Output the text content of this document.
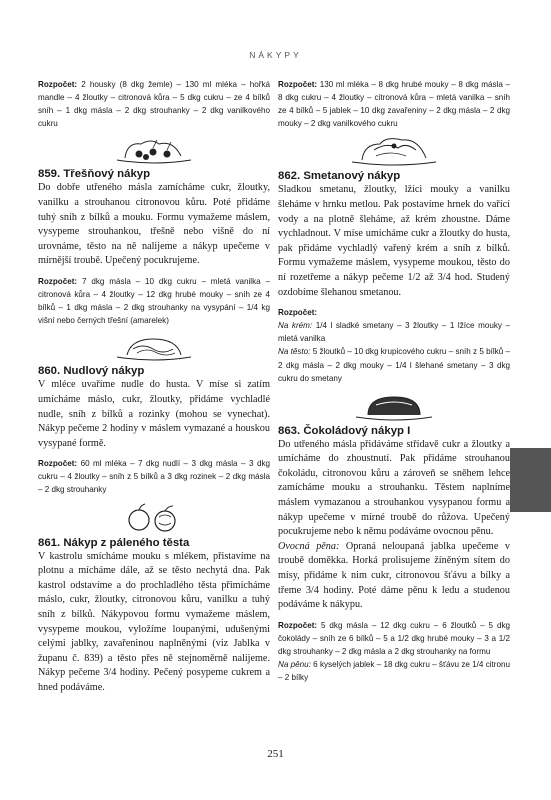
NÁKYPY

Rozpočet: 2 housky (8 dkg žemle) – 130 ml mléka – hořká mandle – 4 žloutky – citronová kůra – 5 dkg cukru – ze 4 bílků sníh – 1 dkg másla – 2 dkg strouhanky – 2 dkg vanilkového cukru

859. Třešňový nákyp

Do dobře utřeného másla zamícháme cukr, žloutky, vanilku a strouhanou citronovou kůru. Poté přidáme tuhý sníh z bílků a mouku. Formu vymažeme máslem, vysypeme strouhankou, třešně nebo višně do ní urovnáme, těsto na ně nalijeme a nákyp upečeme v mírnější troubě. Upečený pocukrujeme.

Rozpočet: 7 dkg másla – 10 dkg cukru – mletá vanilka – citronová kůra – 4 žloutky – 12 dkg hrubé mouky – sníh ze 4 bílků – 1 dkg másla – 2 dkg strouhanky na vysypání – 1/4 kg višní nebo černých třešní (amarelek)

860. Nudlový nákyp

V mléce uvaříme nudle do husta. V míse si zatím umícháme máslo, cukr, žloutky, přidáme vychladlé nudle, sníh z bílků a rozinky (mohou se vynechat). Nákyp pečeme 2 hodiny v máslem vymazané a houskou vysypané formě.

Rozpočet: 60 ml mléka – 7 dkg nudlí – 3 dkg másla – 3 dkg cukru – 4 žloutky – sníh z 5 bílků a 3 dkg rozinek – 2 dkg másla – 2 dkg strouhanky

861. Nákyp z páleného těsta

V kastrolu smícháme mouku s mlékem, přistavíme na plotnu a mícháme dále, až se těsto nechytá dna. Pak kastrol odstavíme a do prochladlého těsta přimícháme máslo, cukr, žloutky, citronovou kůru, vanilku a tuhý sníh z bílků. Nákypovou formu vymažeme máslem, vysypeme moukou, vyložíme loupanými, udušenými celými jablky, zavařeninou naplněnými (viz Jablka v županu č. 839) a těsto přes ně stejnoměrně nalijeme. Nákyp pečeme 3/4 hodiny. Pečený posypeme cukrem a hned podáváme.

Rozpočet: 130 ml mléka – 8 dkg hrubé mouky – 8 dkg másla – 8 dkg cukru – 4 žloutky – citronová kůra – mletá vanilka – sníh ze 4 bílků – 5 jablek – 10 dkg zavařeniny – 2 dkg másla – 2 dkg mouky – 2 dkg vanilkového cukru

862. Smetanový nákyp

Sladkou smetanu, žloutky, lžíci mouky a vanilku šleháme v hrnku metlou. Pak postavíme hrnek do vařící vody a na plotně šleháme, až krém zhoustne. Dáme vychladnout. V míse umícháme cukr a žloutky do husta, pak přidáme vychladlý vařený krém a sníh z bílků. Formu vymažeme máslem, vysypeme moukou, těsto do ní rozetřeme a nákyp pečeme 1/2 až 3/4 hod. Studený ozdobíme šlehanou smetanou.

Rozpočet:

Na krém: 1/4 l sladké smetany – 3 žloutky – 1 lžíce mouky – mletá vanilka

Na těsto: 5 žloutků – 10 dkg krupicového cukru – sníh z 5 bílků – 2 dkg másla – 2 dkg mouky – 1/4 l šlehané smetany – 3 dkg cukru do smetany

863. Čokoládový nákyp I

Do utřeného másla přidáváme střídavě cukr a žloutky a umícháme do zhoustnutí. Pak přidáme strouhanou čokoládu, citronovou kůru a zároveň se sněhem lehce zamícháme mouku a strouhanku. Těstem naplníme máslem vymazanou a strouhankou vysypanou formu a nákyp upečeme v mírné troubě do růžova. Upečený pocukrujeme nebo k němu podáváme ovocnou pěnu.

Ovocná pěna: Opraná neloupaná jablka upečeme v troubě doměkka. Horká prolisujeme žíněným sítem do mísy, přidáme k nim cukr, citronovou šťávu a bílky a třeme 3/4 hodiny. Poté dáme pěnu k ledu a studenou podáváme k nákypu.

Rozpočet: 5 dkg másla – 12 dkg cukru – 6 žloutků – 5 dkg čokolády – sníh ze 6 bílků – 5 a 1/2 dkg hrubé mouky – 3 a 1/2 dkg strouhanky – 2 dkg másla a 2 dkg strouhanky na formu

Na pěnu: 6 kyselých jablek – 18 dkg cukru – šťávu ze 1/4 citronu – 2 bílky

251
